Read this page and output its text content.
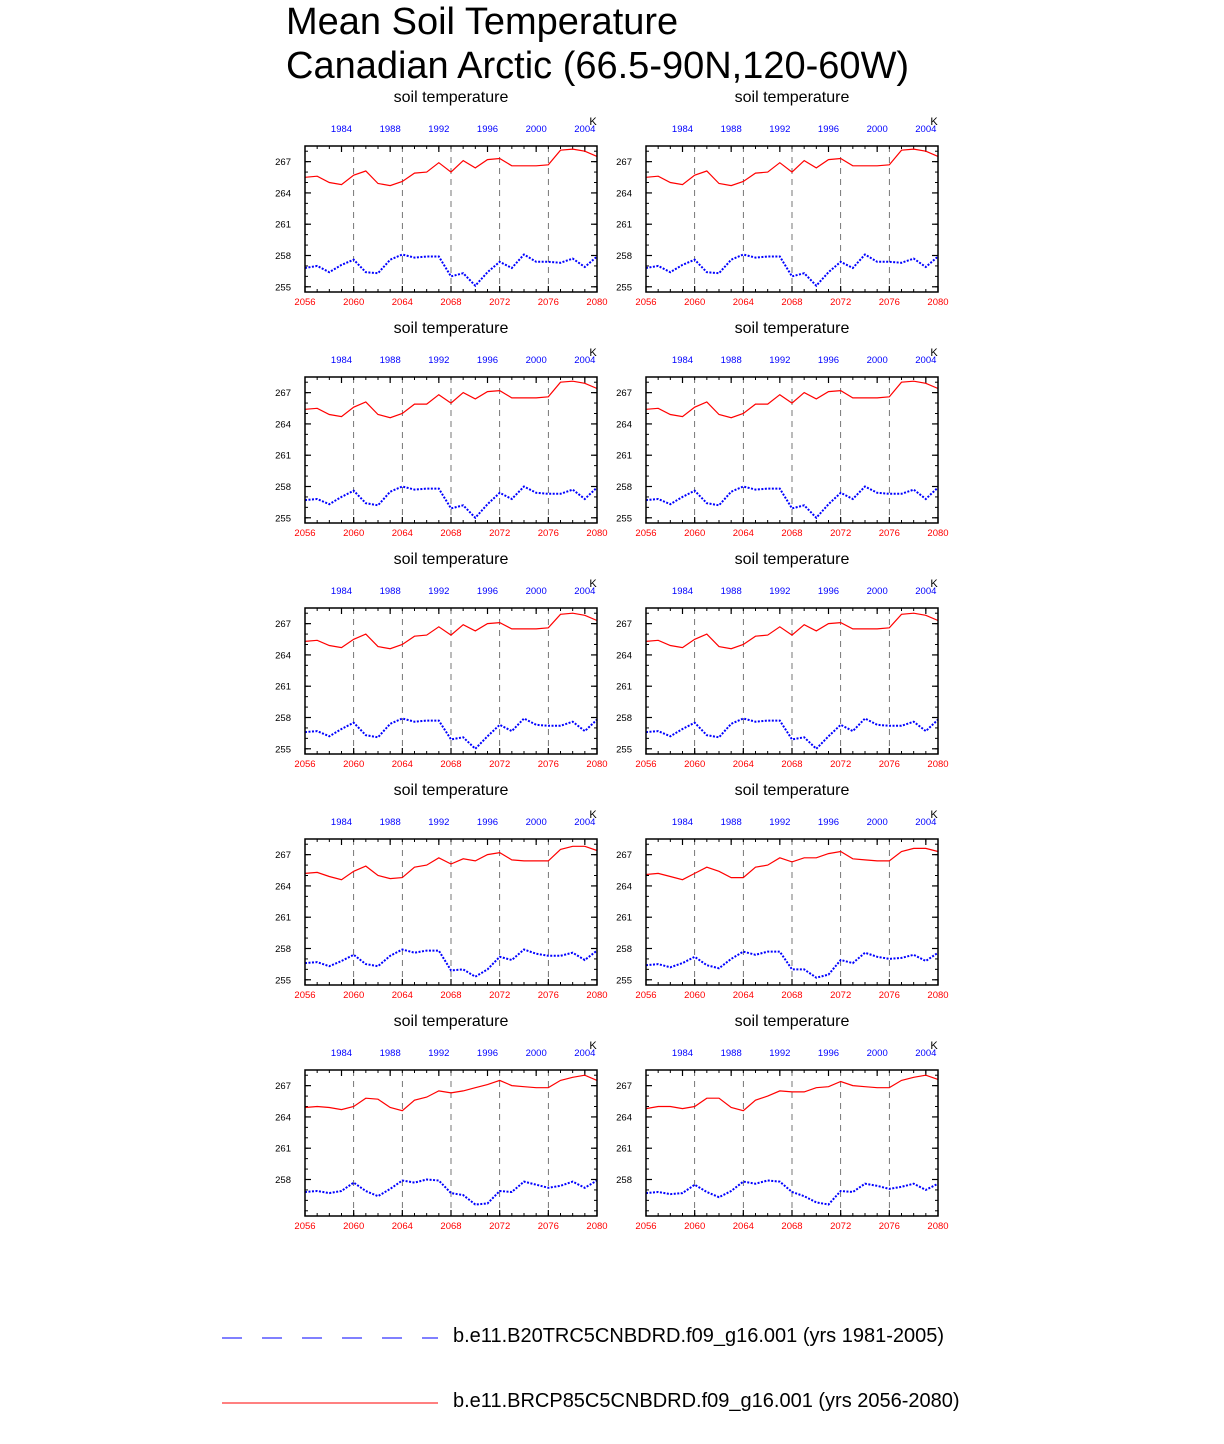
Mean Soil Temperature
Canadian Arctic (66.5-90N,120-60W)
soil temperature
K
2056	2060	2064	2068	2072	2076	2080
1984	1988	1992	1996	2000	2004
255
258
261
264
267
soil temperature
K
2056	2060	2064	2068	2072	2076	2080
1984	1988	1992	1996	2000	2004
255
258
261
264
267
soil temperature
K
2056	2060	2064	2068	2072	2076	2080
1984	1988	1992	1996	2000	2004
255
258
261
264
267
soil temperature
K
2056	2060	2064	2068	2072	2076	2080
1984	1988	1992	1996	2000	2004
255
258
261
264
267
soil temperature
K
2056	2060	2064	2068	2072	2076	2080
1984	1988	1992	1996	2000	2004
255
258
261
264
267
soil temperature
K
2056	2060	2064	2068	2072	2076	2080
1984	1988	1992	1996	2000	2004
255
258
261
264
267
soil temperature
K
2056	2060	2064	2068	2072	2076	2080
1984	1988	1992	1996	2000	2004
255
258
261
264
267
soil temperature
K
2056	2060	2064	2068	2072	2076	2080
1984	1988	1992	1996	2000	2004
255
258
261
264
267
soil temperature
K
2056	2060	2064	2068	2072	2076	2080
1984	1988	1992	1996	2000	2004
258
261
264
267
soil temperature
K
2056	2060	2064	2068	2072	2076	2080
1984	1988	1992	1996	2000	2004
258
261
264
267
b.e11.B20TRC5CNBDRD.f09_g16.001 (yrs 1981-2005)
b.e11.BRCP85C5CNBDRD.f09_g16.001 (yrs 2056-2080)
